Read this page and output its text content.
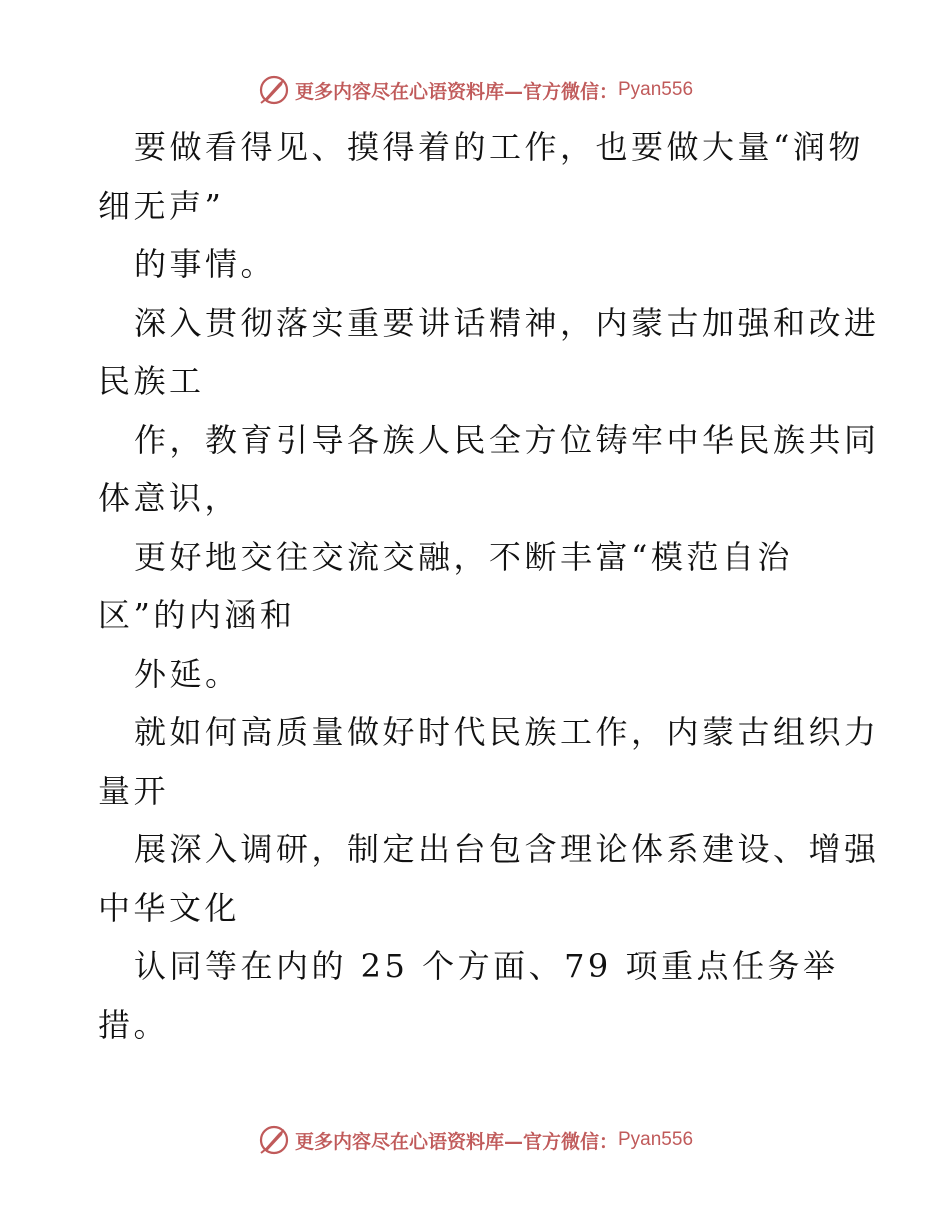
更多内容尽在心语资料库—官方微信： Pyan556
要做看得见、摸得着的工作，也要做大量“润物
细无声”
的事情。
深入贯彻落实重要讲话精神，内蒙古加强和改进
民族工
作，教育引导各族人民全方位铸牢中华民族共同
体意识，
更好地交往交流交融，不断丰富“模范自治
区”的内涵和
外延。
就如何高质量做好时代民族工作，内蒙古组织力
量开
展深入调研，制定出台包含理论体系建设、增强
中华文化
认同等在内的 25 个方面、79 项重点任务举
措。
更多内容尽在心语资料库—官方微信： Pyan556
